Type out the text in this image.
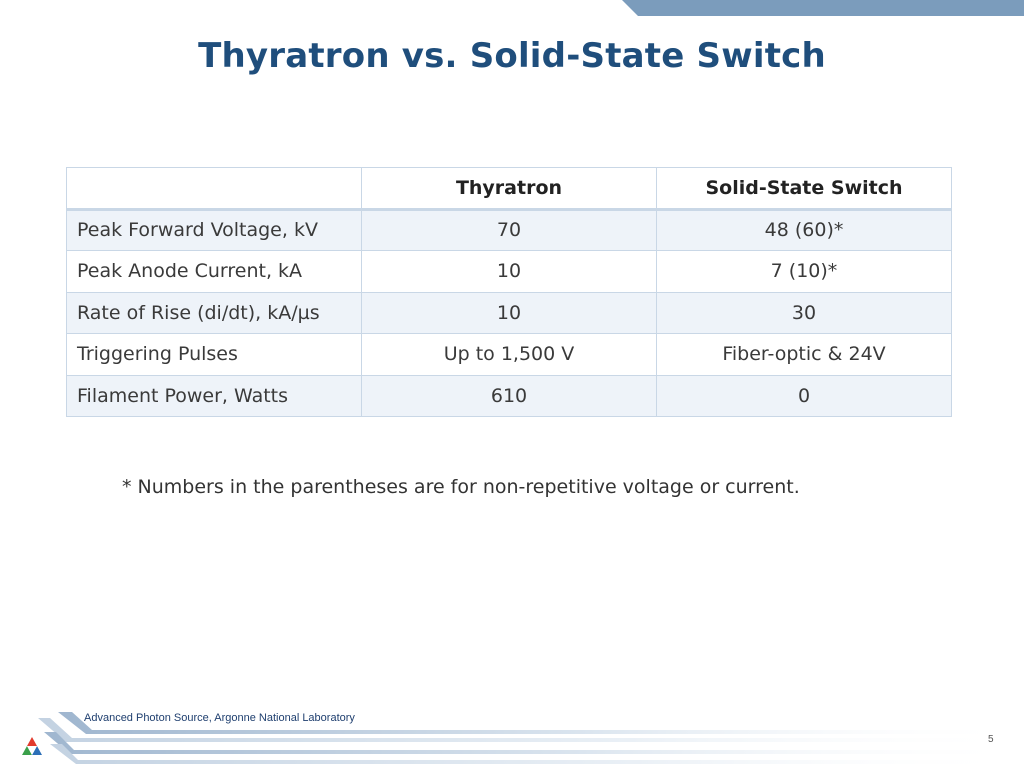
Thyratron vs. Solid-State Switch
	Thyratron	Solid-State Switch
Peak Forward Voltage, kV	70	48 (60)*
Peak Anode Current, kA	10	7 (10)*
Rate of Rise (di/dt), kA/µs	10	30
Triggering Pulses	Up to 1,500 V	Fiber-optic & 24V
Filament Power, Watts	610	0

* Numbers in the parentheses are for non-repetitive voltage or current.

Advanced Photon Source, Argonne National Laboratory
5
